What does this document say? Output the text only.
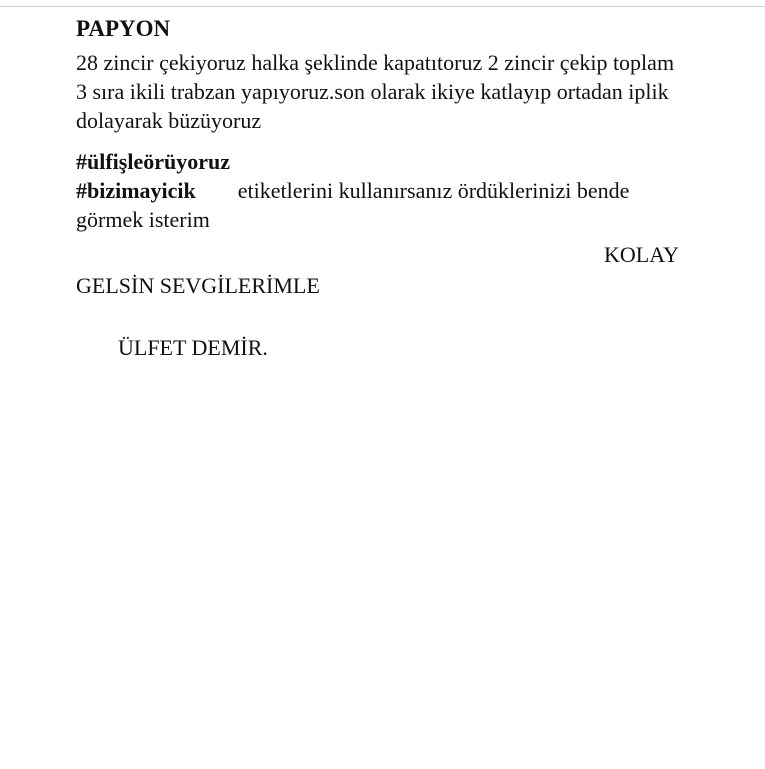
PAPYON
28 zincir çekiyoruz halka şeklinde kapatıtoruz 2 zincir çekip toplam 3 sıra ikili trabzan yapıyoruz.son olarak ikiye katlayıp ortadan iplik dolayarak büzüyoruz
#ülfişleörüyoruz
#bizimayicik etiketlerini kullanırsanız ördüklerinizi bende görmek isterim
KOLAY
GELSİN SEVGİLERİMLE
ÜLFET DEMİR.
